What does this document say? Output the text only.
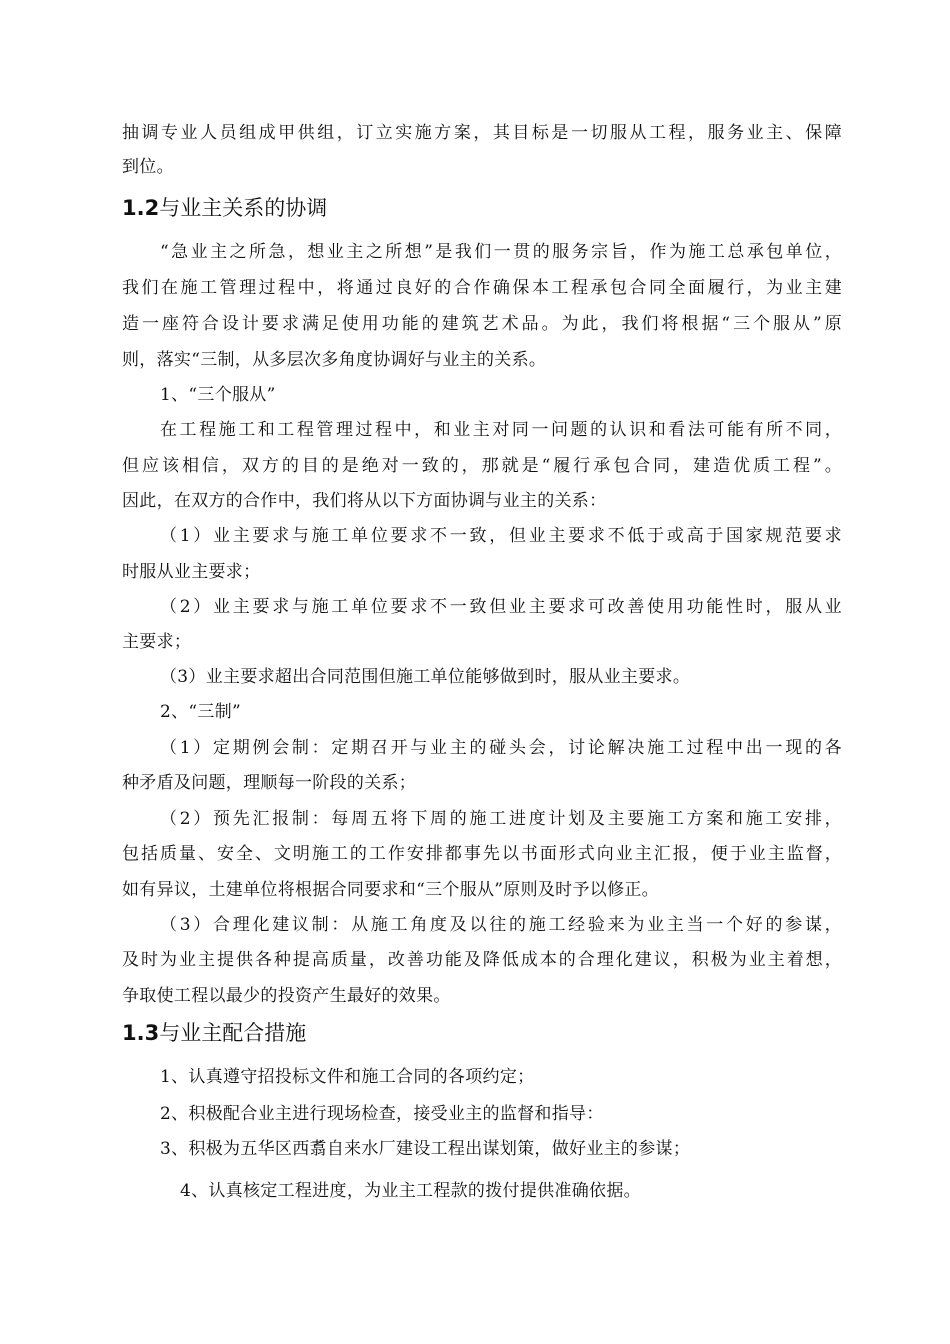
抽调专业人员组成甲供组，订立实施方案，其目标是一切服从工程，服务业主、保障
到位。
1.2与业主关系的协调
“急业主之所急，想业主之所想”是我们一贯的服务宗旨，作为施工总承包单位，
我们在施工管理过程中，将通过良好的合作确保本工程承包合同全面履行，为业主建
造一座符合设计要求满足使用功能的建筑艺术品。为此，我们将根据“三个服从”原
则，落实“三制，从多层次多角度协调好与业主的关系。
1、“三个服从”
在工程施工和工程管理过程中，和业主对同一问题的认识和看法可能有所不同，
但应该相信，双方的目的是绝对一致的，那就是“履行承包合同，建造优质工程”。
因此，在双方的合作中，我们将从以下方面协调与业主的关系：
（1）业主要求与施工单位要求不一致，但业主要求不低于或高于国家规范要求
时服从业主要求；
（2）业主要求与施工单位要求不一致但业主要求可改善使用功能性时，服从业
主要求；
（3）业主要求超出合同范围但施工单位能够做到时，服从业主要求。
2、“三制”
（1）定期例会制：定期召开与业主的碰头会，讨论解决施工过程中出一现的各
种矛盾及问题，理顺每一阶段的关系；
（2）预先汇报制：每周五将下周的施工进度计划及主要施工方案和施工安排，
包括质量、安全、文明施工的工作安排都事先以书面形式向业主汇报，便于业主监督，
如有异议，土建单位将根据合同要求和“三个服从”原则及时予以修正。
（3）合理化建议制：从施工角度及以往的施工经验来为业主当一个好的参谋，
及时为业主提供各种提高质量，改善功能及降低成本的合理化建议，积极为业主着想，
争取使工程以最少的投资产生最好的效果。
1.3与业主配合措施
1、认真遵守招投标文件和施工合同的各项约定；
2、积极配合业主进行现场检查，接受业主的监督和指导：
3、积极为五华区西翥自来水厂建设工程出谋划策，做好业主的参谋；
4、认真核定工程进度，为业主工程款的拨付提供准确依据。
